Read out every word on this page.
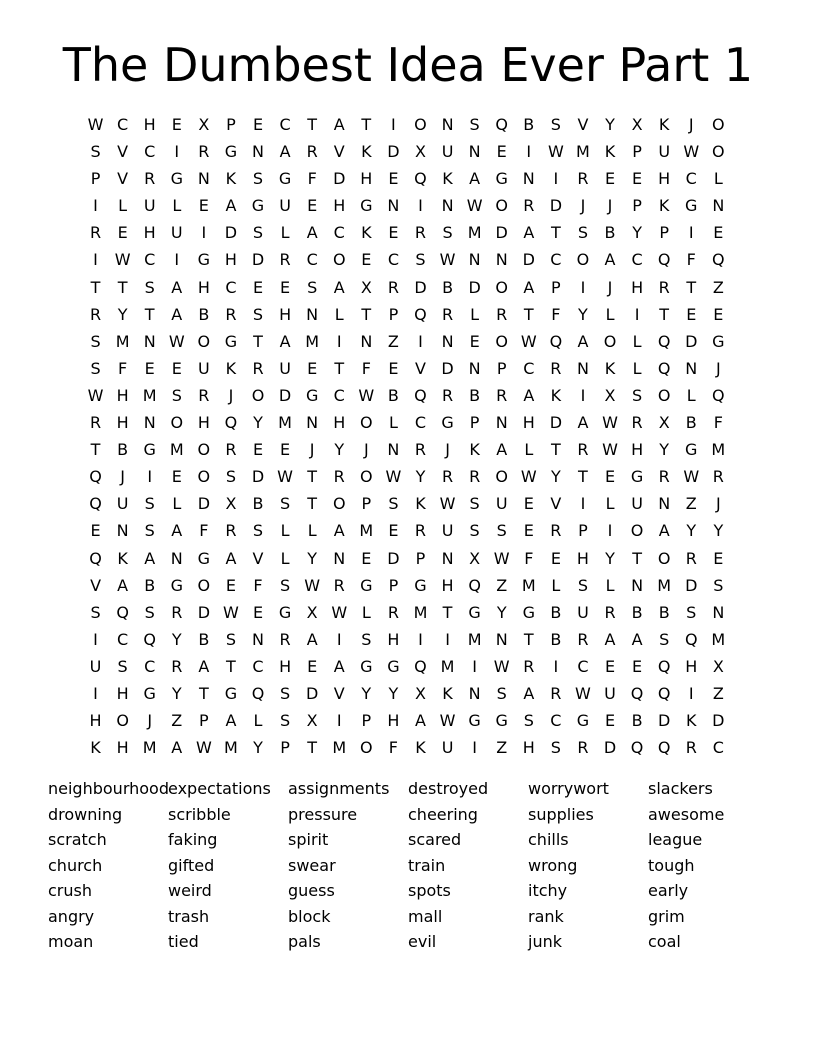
The Dumbest Idea Ever Part 1
W C H	E	X	P	E	C	T	A	T	I	O N	S Q B	S	V	Y	X	K	J	O
S	V	C	I	R G N A	R	V	K D X U N	E	I	W M K	P	U W O
P	V	R G N K	S G	F	D H	E Q K	A G N	I	R	E	E	H C	L
I	L	U	L	E	A G U	E	H G N	I	N W O R D	J	J	P	K G N
R	E	H U	I	D S	L	A	C	K	E	R	S M D A	T	S	B	Y	P	I	E
I	W C	I	G H D R C O E	C	S W N N D C O A	C Q	F	Q
T	T	S	A H C	E	E	S	A	X	R D B D O A	P	I	J	H R	T	Z
R	Y	T	A	B	R	S H N	L	T	P Q R	L	R	T	F	Y	L	I	T	E	E
S M N W O G T	A M	I	N Z	I	N	E O W Q A O	L	Q D G
S	F	E	E	U K	R U	E	T	F	E	V D N	P	C R N K	L	Q N	J
W H M S	R	J	O D G C W B Q R	B	R	A	K	I	X	S O	L	Q
R H N O H Q Y M N H O	L	C G	P	N H D A W R	X	B	F
T	B G M O R	E	E	J	Y	J	N R	J	K	A	L	T	R W H	Y G M
Q	J	I	E O S D W T	R O W Y	R R O W Y	T	E G R W R
Q U	S	L	D X	B	S	T O P	S	K W S	U	E	V	I	L	U N Z	J
E	N	S	A	F	R	S	L	L	A M E	R U	S	S	E	R	P	I	O A	Y	Y
Q K	A N G A	V	L	Y	N	E D	P	N X W F	E	H	Y	T O R	E
V	A	B G O E	F	S W R G	P	G H Q Z M L	S	L	N M D S
S Q S	R D W E G X W L	R M T G Y G B U R	B	B	S	N
I	C Q Y	B	S	N R	A	I	S H	I	I	M N	T	B	R	A	A	S Q M
U	S	C R	A	T	C H	E	A G G Q M	I	W R	I	C	E	E Q H X
I	H G Y	T G Q S D V	Y	Y	X	K N	S	A	R W U Q Q	I	Z
H O	J	Z	P	A	L	S	X	I	P	H A W G G S	C G E	B D K D
K H M A W M Y	P	T M O	F	K U	I	Z H S	R D Q Q R C
neighbourhood expectations	assignments	destroyed	worrywort	slackers
drowning	scribble	pressure	cheering	supplies	awesome
scratch	faking	spirit	scared	chills	league
church	gifted	swear	train	wrong	tough
crush	weird	guess	spots	itchy	early
angry	trash	block	mall	rank	grim
moan	tied	pals	evil	junk	coal
